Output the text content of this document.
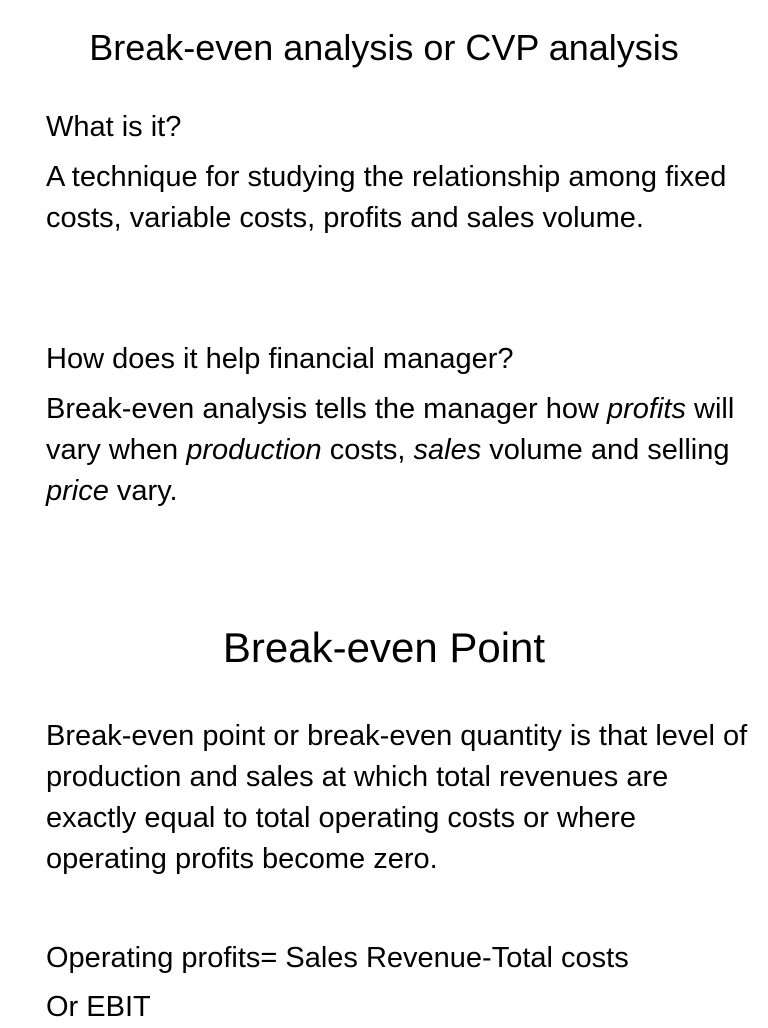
Break-even analysis or CVP analysis

What is it?

A technique for studying the relationship among fixed costs, variable costs, profits and sales volume.

How does it help financial manager?

Break-even analysis tells the manager how profits will vary when production costs, sales volume and selling price vary.

Break-even Point

Break-even point or break-even quantity is that level of production and sales at which total revenues are exactly equal to total operating costs or where operating profits become zero.

Operating profits= Sales Revenue-Total costs

Or EBIT
